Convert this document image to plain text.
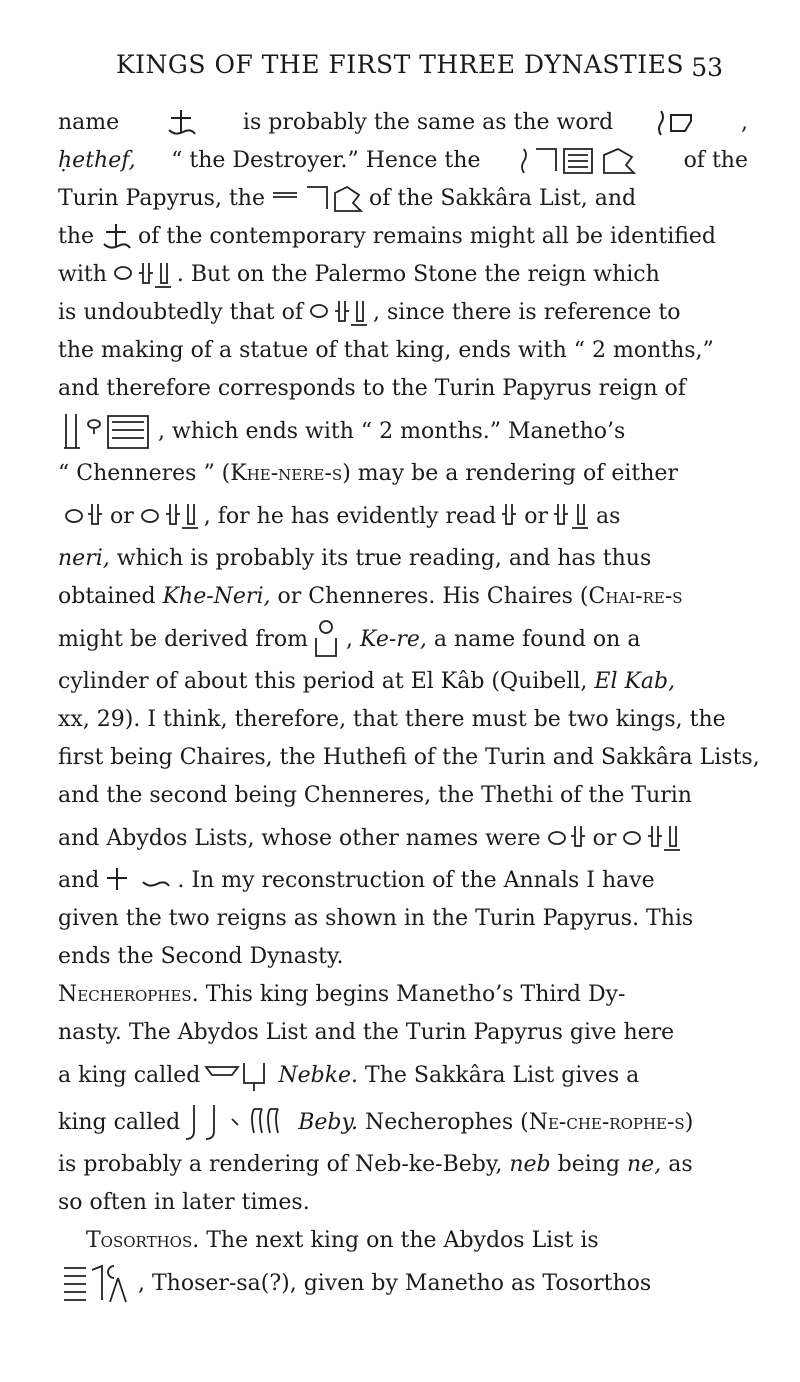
KINGS OF THE FIRST THREE DYNASTIES 53
name	is probably the same as the word	,
ḥethef, “ the Destroyer.” Hence the	of the
Turin Papyrus, the	of the Sakkâra List, and
the of the contemporary remains might all be identified
with	. But on the Palermo Stone the reign which
is undoubtedly that of	, since there is reference to
the making of a statue of that king, ends with “ 2 months,”
and therefore corresponds to the Turin Papyrus reign of
, which ends with “ 2 months.” Manetho’s
“ Chenneres ” ( Khe-nere-s ) may be a rendering of either
or	, for he has evidently read or as
neri, which is probably its true reading, and has thus
obtained Khe-Neri, or Chenneres. His Chaires ( Chai-re-s
might be derived from , Ke-re, a name found on a
cylinder of about this period at El Kâb (Quibell, El Kab,
xx, 29). I think, therefore, that there must be two kings, the
first being Chaires, the Huthefi of the Turin and Sakkâra Lists,
and the second being Chenneres, the Thethi of the Turin
and Abydos Lists, whose other names were or
and	. In my reconstruction of the Annals I have
given the two reigns as shown in the Turin Papyrus. This
ends the Second Dynasty.
Necherophes. This king begins Manetho’s Third Dy-
nasty. The Abydos List and the Turin Papyrus give here
a king called	Nebke. The Sakkâra List gives a
king called	Beby. Necherophes ( Ne-che-rophe-s )
is probably a rendering of Neb-ke-Beby, neb being ne, as
so often in later times.
Tosorthos. The next king on the Abydos List is
, Thoser-sa(?), given by Manetho as Tosorthos
